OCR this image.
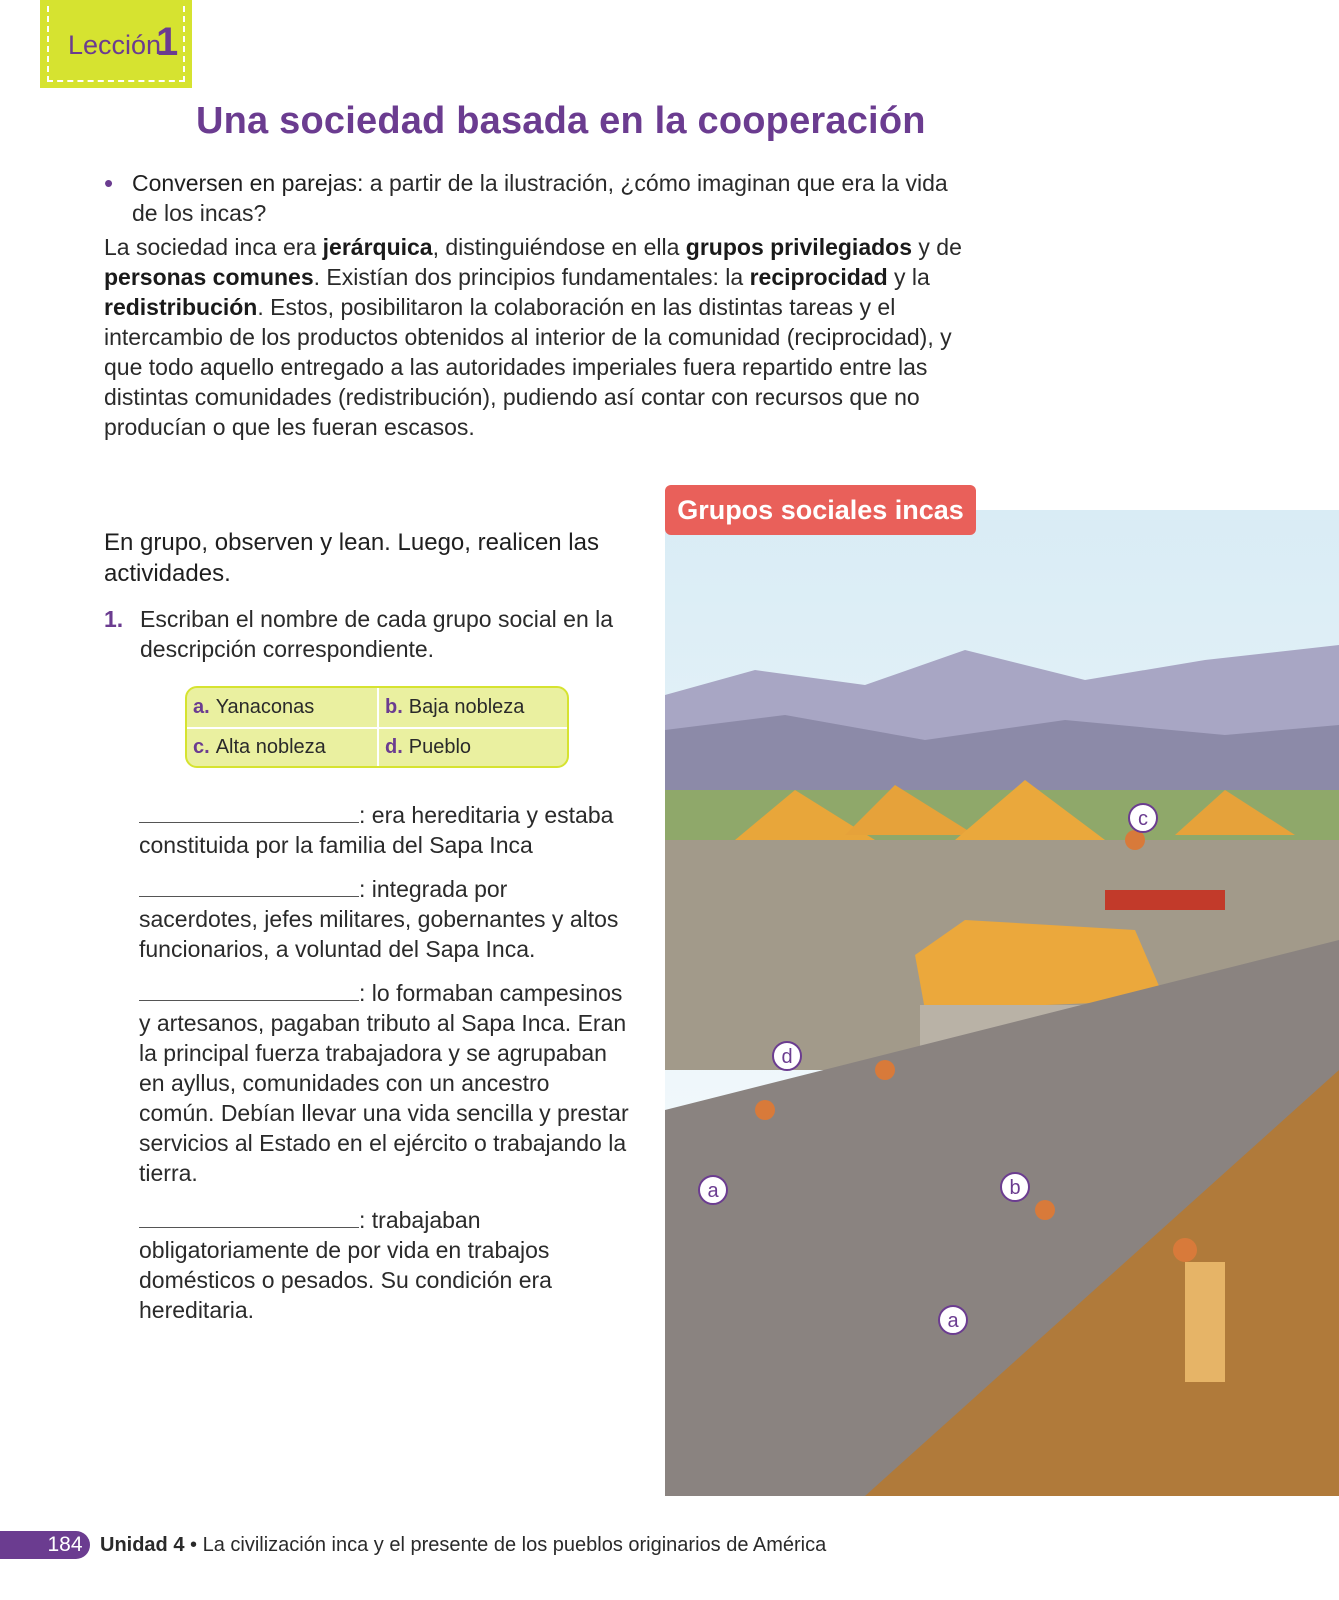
Lección
1
Una sociedad basada en la cooperación
• Conversen en parejas: a partir de la ilustración, ¿cómo imaginan que era la vida de los incas?

La sociedad inca era jerárquica, distinguiéndose en ella grupos privilegiados y de personas comunes. Existían dos principios fundamentales: la reciprocidad y la redistribución. Estos, posibilitaron la colaboración en las distintas tareas y el intercambio de los productos obtenidos al interior de la comunidad (reciprocidad), y que todo aquello entregado a las autoridades imperiales fuera repartido entre las distintas comunidades (redistribución), pudiendo así contar con recursos que no producían o que les fueran escasos.

En grupo, observen y lean. Luego, realicen las actividades.

1. Escriban el nombre de cada grupo social en la descripción correspondiente.

a. Yanaconas	b. Baja nobleza
c. Alta nobleza	d. Pueblo

: era hereditaria y estaba constituida por la familia del Sapa Inca

: integrada por sacerdotes, jefes militares, gobernantes y altos funcionarios, a voluntad del Sapa Inca.

: lo formaban campesinos y artesanos, pagaban tributo al Sapa Inca. Eran la principal fuerza trabajadora y se agrupaban en ayllus, comunidades con un ancestro común. Debían llevar una vida sencilla y prestar servicios al Estado en el ejército o trabajando la tierra.

: trabajaban obligatoriamente de por vida en trabajos domésticos o pesados. Su condición era hereditaria.

c
d
a	b
a
Grupos sociales incas
184 Unidad 4 • La civilización inca y el presente de los pueblos originarios de América
